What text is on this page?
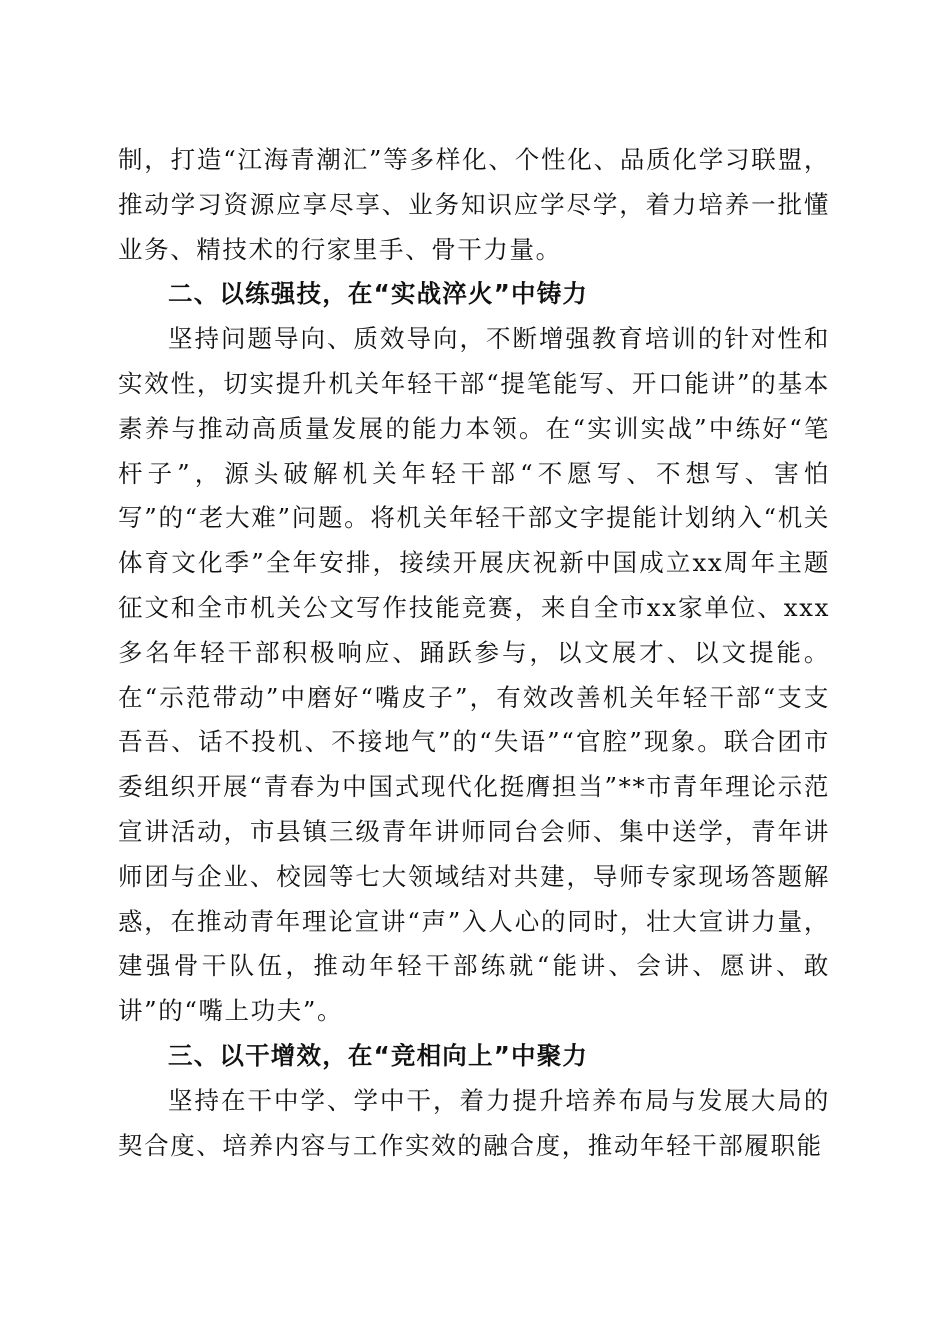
制，打造“江海青潮汇”等多样化、个性化、品质化学习联盟，推动学习资源应享尽享、业务知识应学尽学，着力培养一批懂业务、精技术的行家里手、骨干力量。

二、以练强技，在“实战淬火”中铸力

坚持问题导向、质效导向，不断增强教育培训的针对性和实效性，切实提升机关年轻干部“提笔能写、开口能讲”的基本素养与推动高质量发展的能力本领。在“实训实战”中练好“笔杆子”，源头破解机关年轻干部“不愿写、不想写、害怕写”的“老大难”问题。将机关年轻干部文字提能计划纳入“机关体育文化季”全年安排，接续开展庆祝新中国成立xx周年主题征文和全市机关公文写作技能竞赛，来自全市xx家单位、xxx多名年轻干部积极响应、踊跃参与，以文展才、以文提能。在“示范带动”中磨好“嘴皮子”，有效改善机关年轻干部“支支吾吾、话不投机、不接地气”的“失语”“官腔”现象。联合团市委组织开展“青春为中国式现代化挺膺担当”**市青年理论示范宣讲活动，市县镇三级青年讲师同台会师、集中送学，青年讲师团与企业、校园等七大领域结对共建，导师专家现场答题解惑，在推动青年理论宣讲“声”入人心的同时，壮大宣讲力量，建强骨干队伍，推动年轻干部练就“能讲、会讲、愿讲、敢讲”的“嘴上功夫”。

三、以干增效，在“竞相向上”中聚力

坚持在干中学、学中干，着力提升培养布局与发展大局的契合度、培养内容与工作实效的融合度，推动年轻干部履职能
